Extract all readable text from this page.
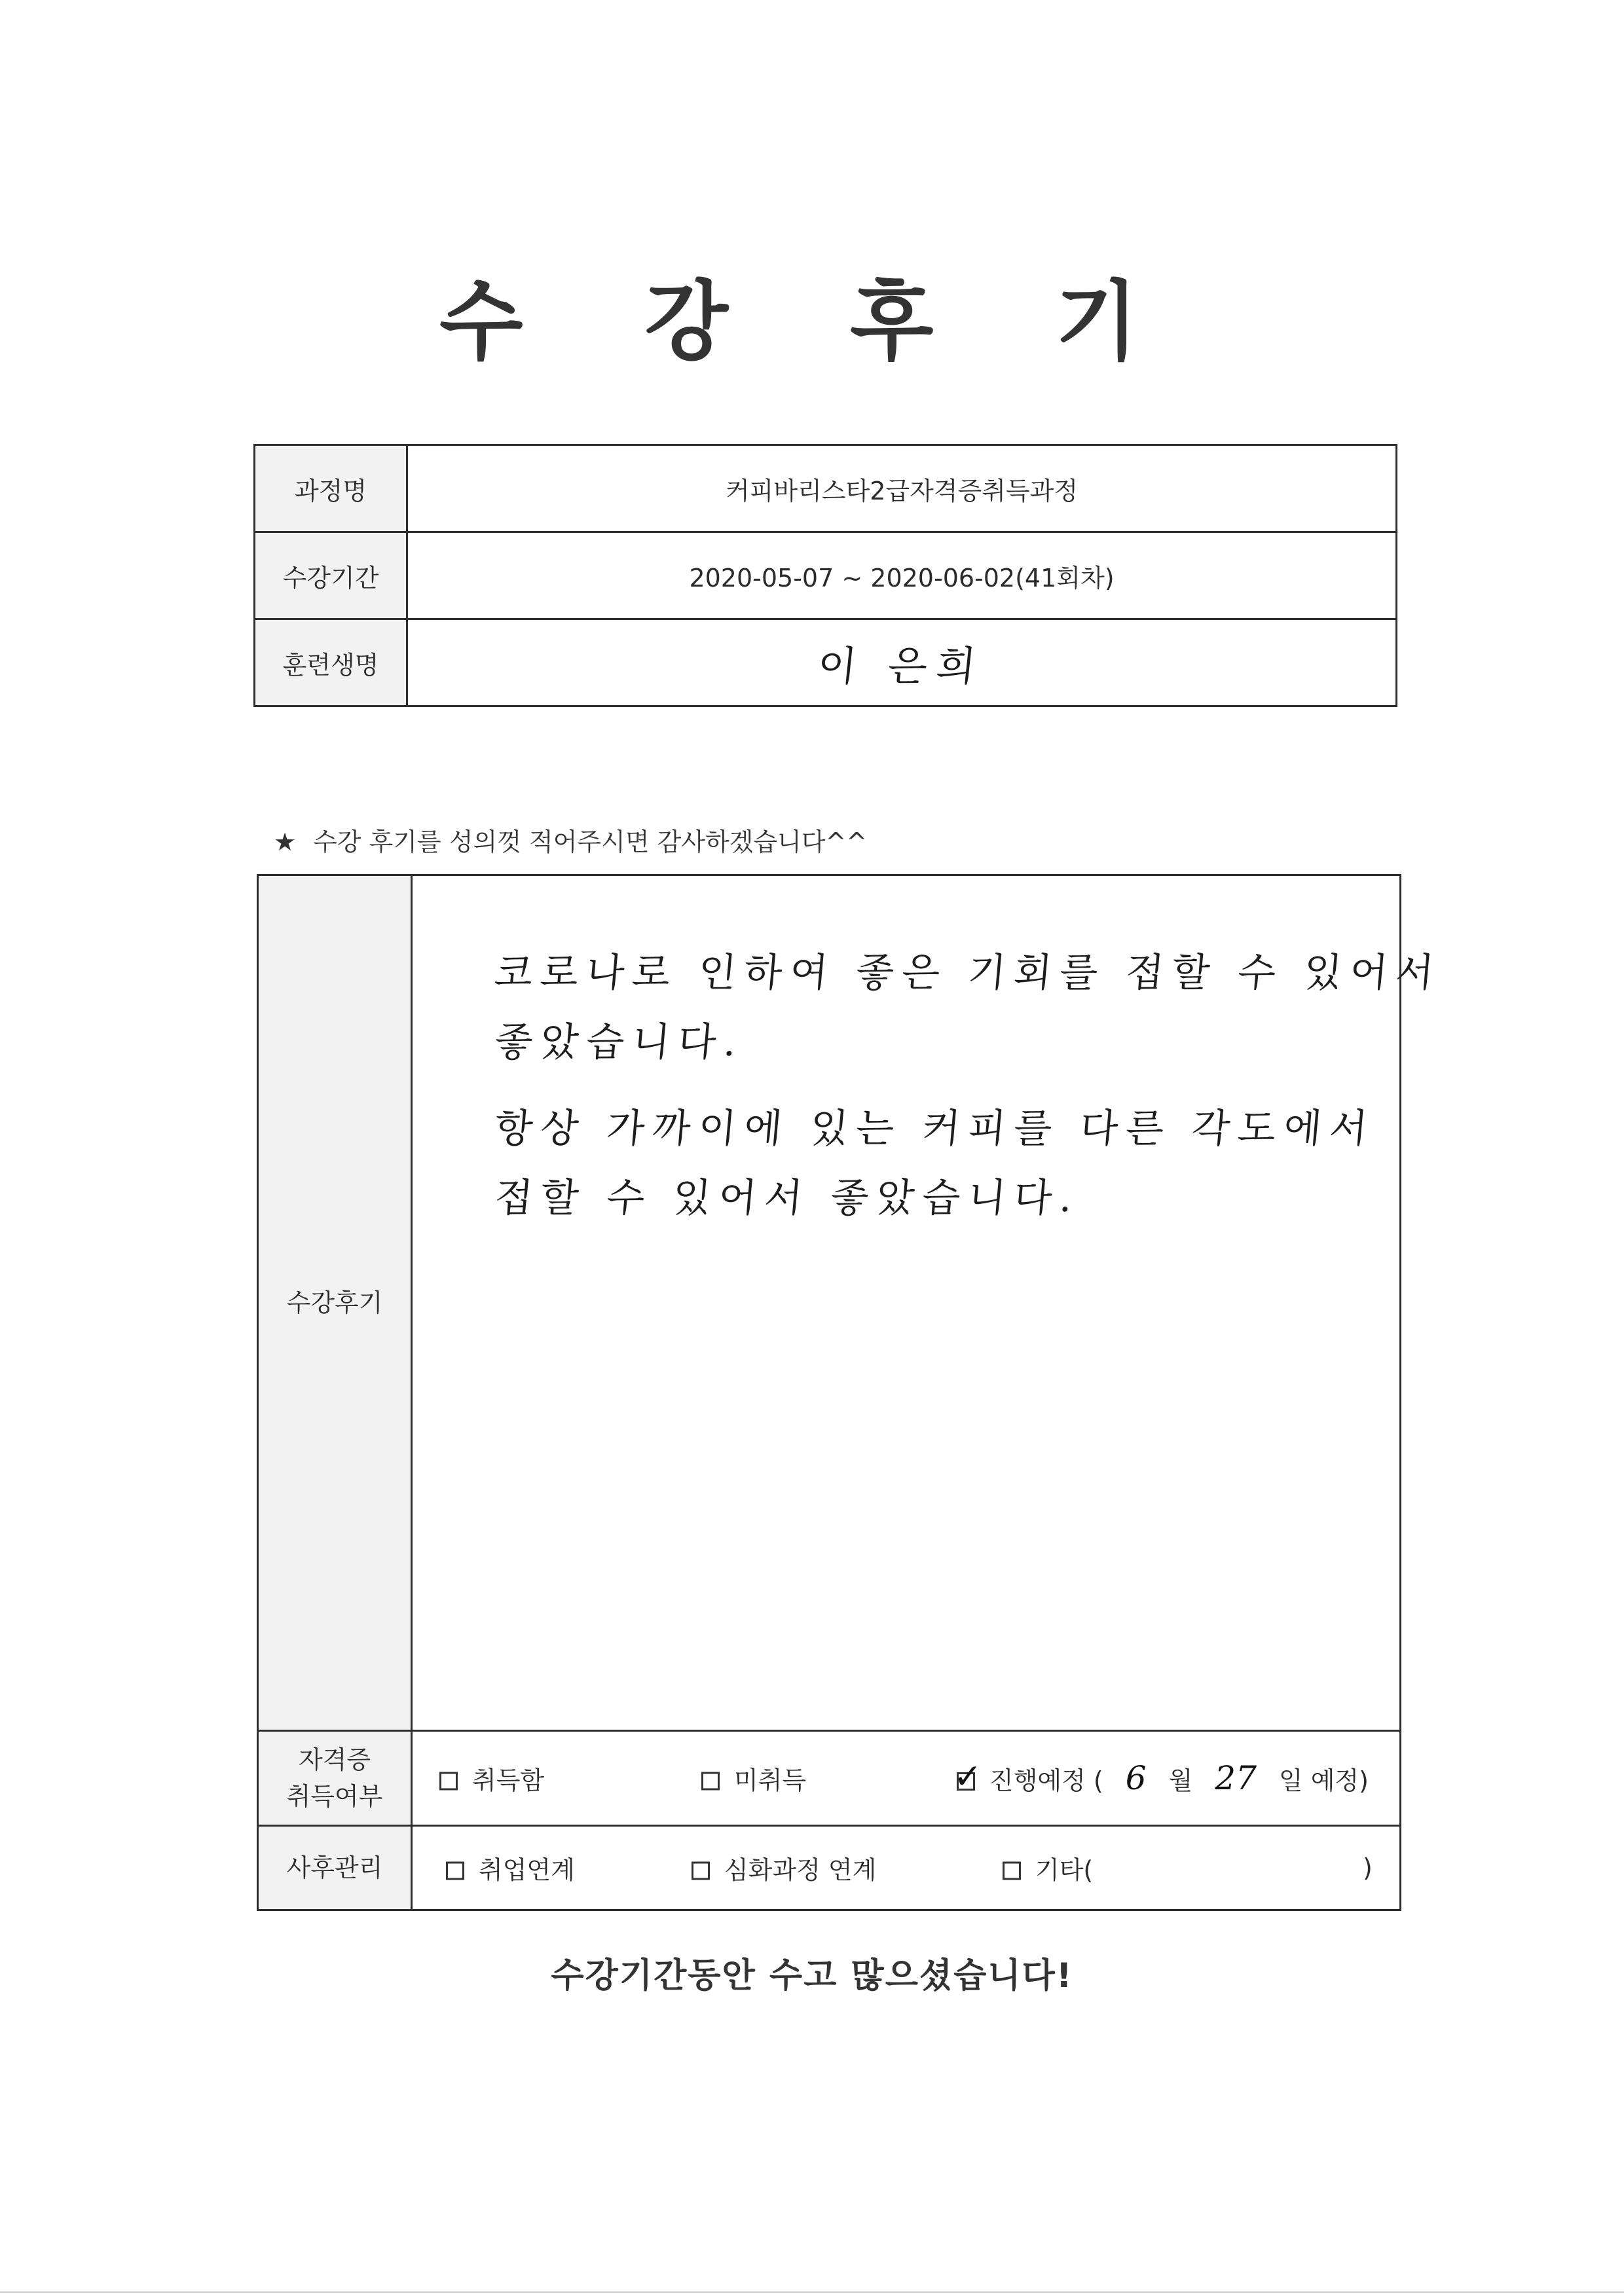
수 강 후 기
과정명	커피바리스타2급자격증취득과정
수강기간	2020-05-07 ~ 2020-06-02(41회차)
훈련생명	이 은희
★ 수강 후기를 성의껏 적어주시면 감사하겠습니다^^
수강후기	코로나로 인하여 좋은 기회를 접할 수 있어서
좋았습니다.
항상 가까이에 있는 커피를 다른 각도에서
접할 수 있어서 좋았습니다.

자격증
취득여부	취득함 미취득 ✓ 진행예정 ( 6 월 27 일 예정)

사후관리	취업연계 심화과정 연계 기타( )
수강기간동안 수고 많으셨습니다!
